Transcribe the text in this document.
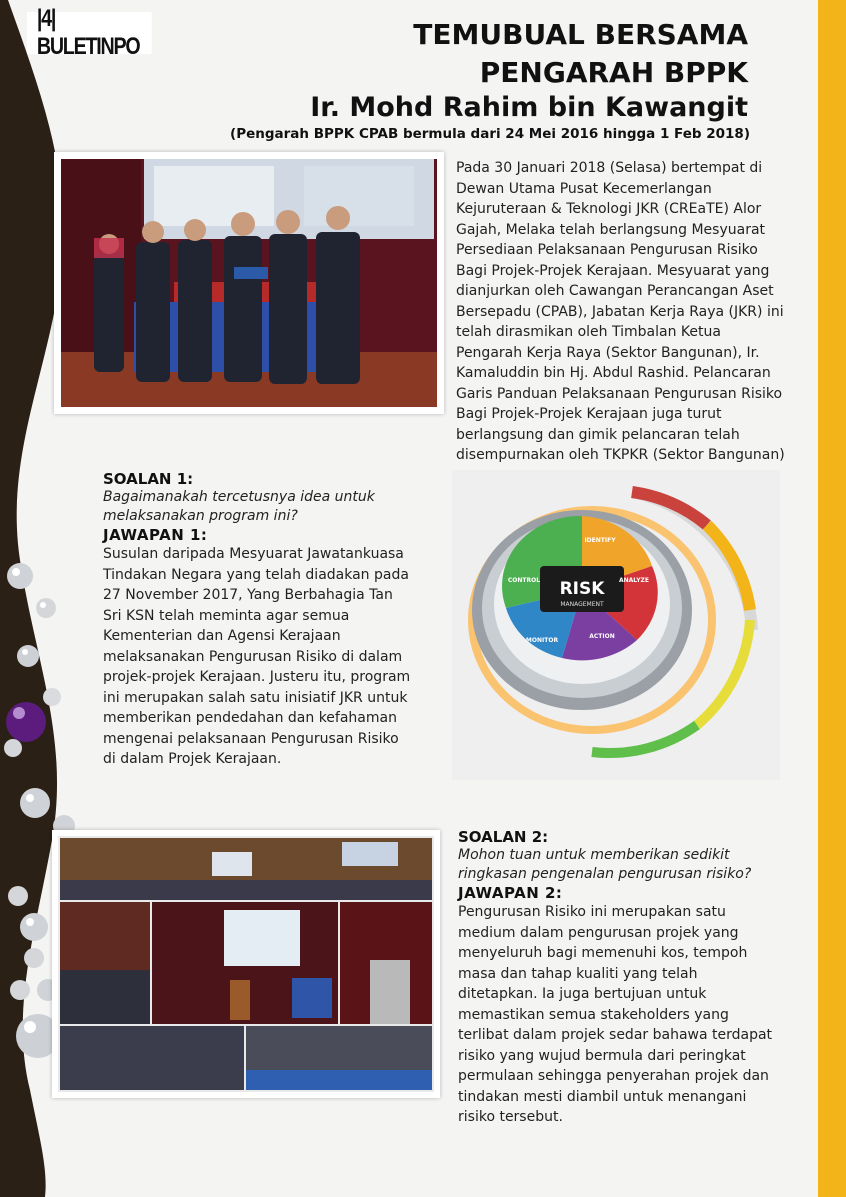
|4| BULETINPO	TEMUBUAL BERSAMA
PENGARAH BPPK
Ir. Mohd Rahim bin Kawangit
(Pengarah BPPK CPAB bermula dari 24 Mei 2016 hingga 1 Feb 2018)
Pada 30 Januari 2018 (Selasa) bertempat di Dewan Utama Pusat Kecemerlangan Kejuruteraan & Teknologi JKR (CREaTE) Alor Gajah, Melaka telah berlangsung Mesyuarat Persediaan Pelaksanaan Pengurusan Risiko Bagi Projek-Projek Kerajaan. Mesyuarat yang dianjurkan oleh Cawangan Perancangan Aset Bersepadu (CPAB), Jabatan Kerja Raya (JKR) ini telah dirasmikan oleh Timbalan Ketua Pengarah Kerja Raya (Sektor Bangunan), Ir. Kamaluddin bin Hj. Abdul Rashid. Pelancaran Garis Panduan Pelaksanaan Pengurusan Risiko Bagi Projek-Projek Kerajaan juga turut berlangsung dan gimik pelancaran telah disempurnakan oleh TKPKR (Sektor Bangunan)
RISK
MANAGEMENT
IDENTIFY
ANALYZE
ACTION
MONITOR
CONTROL
SOALAN 1:
Bagaimanakah tercetusnya idea untuk melaksanakan program ini?
JAWAPAN 1:
Susulan daripada Mesyuarat Jawatankuasa Tindakan Negara yang telah diadakan pada 27 November 2017, Yang Berbahagia Tan Sri KSN telah meminta agar semua Kementerian dan Agensi Kerajaan melaksanakan Pengurusan Risiko di dalam projek-projek Kerajaan. Justeru itu, program ini merupakan salah satu inisiatif JKR untuk memberikan pendedahan dan kefahaman mengenai pelaksanaan Pengurusan Risiko di dalam Projek Kerajaan.
SOALAN 2:
Mohon tuan untuk memberikan sedikit ringkasan pengenalan pengurusan risiko?
JAWAPAN 2:
Pengurusan Risiko ini merupakan satu medium dalam pengurusan projek yang menyeluruh bagi memenuhi kos, tempoh masa dan tahap kualiti yang telah ditetapkan. Ia juga bertujuan untuk memastikan semua stakeholders yang terlibat dalam projek sedar bahawa terdapat risiko yang wujud bermula dari peringkat permulaan sehingga penyerahan projek dan tindakan mesti diambil untuk menangani risiko tersebut.
